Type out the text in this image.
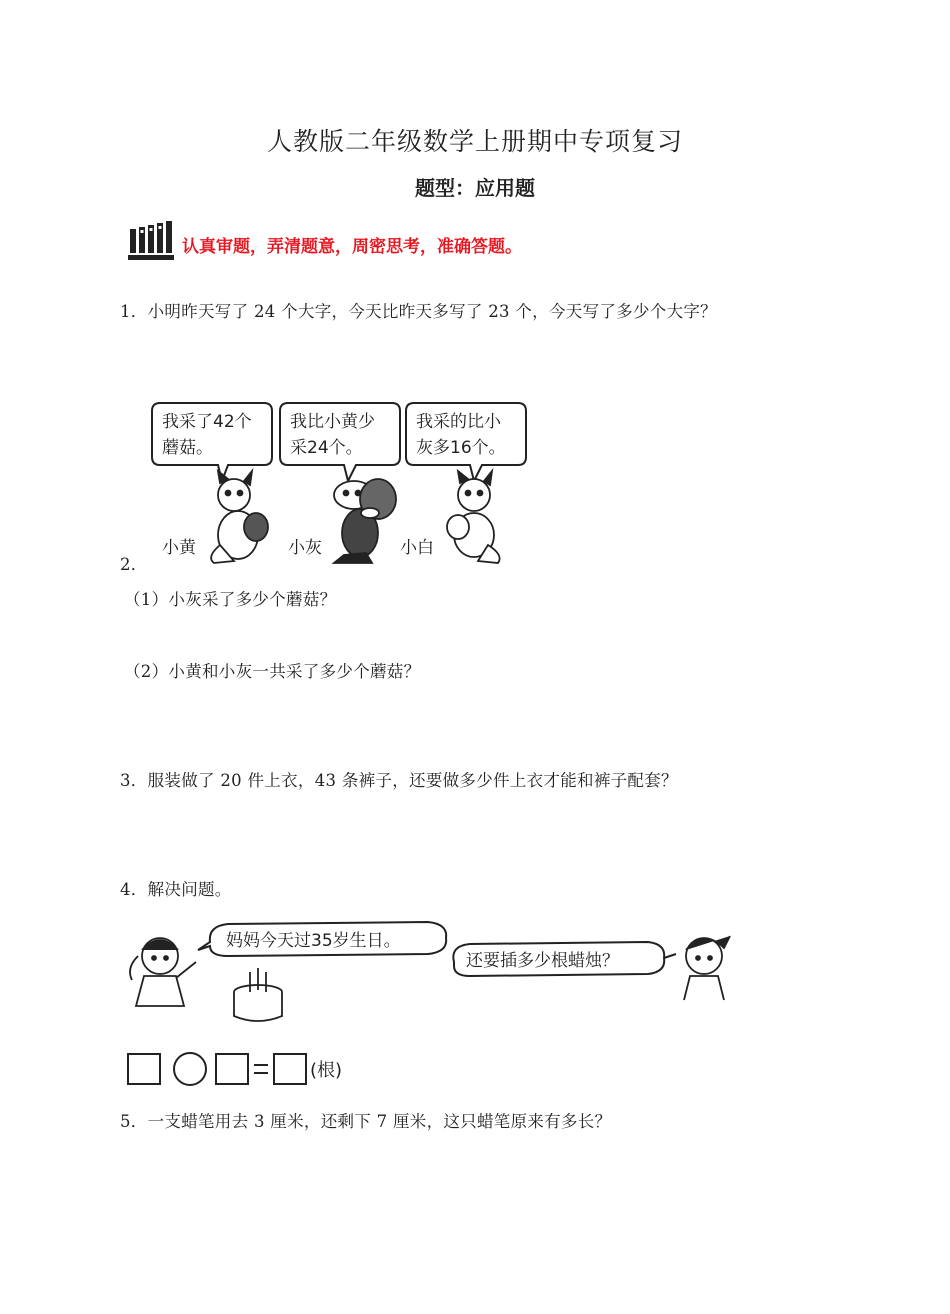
人教版二年级数学上册期中专项复习
题型：应用题
认真审题，弄清题意，周密思考，准确答题。
1．小明昨天写了 24 个大字，今天比昨天多写了 23 个，今天写了多少个大字？
我采了42个
蘑菇。
我比小黄少
采24个。
我采的比小
灰多16个。
小黄	小灰	小白
2．
（1）小灰采了多少个蘑菇？
（2）小黄和小灰一共采了多少个蘑菇？
3．服装做了 20 件上衣，43 条裤子，还要做多少件上衣才能和裤子配套？
4．解决问题。
妈妈今天过35岁生日。
还要插多少根蜡烛？
(根)
5．一支蜡笔用去 3 厘米，还剩下 7 厘米，这只蜡笔原来有多长？
